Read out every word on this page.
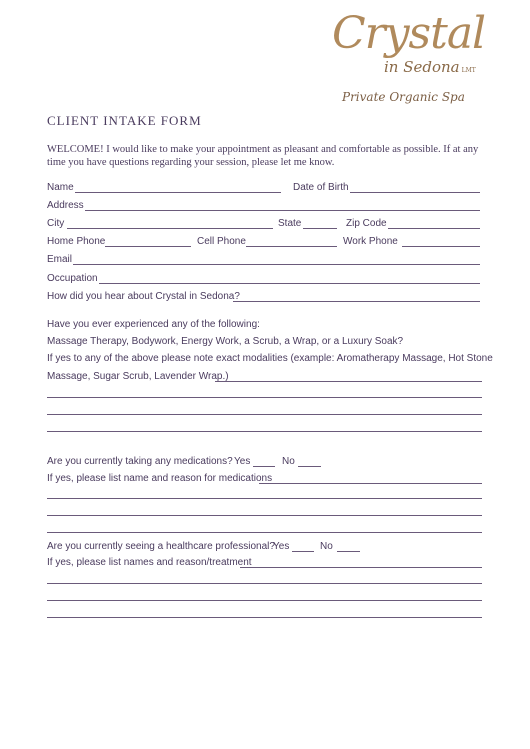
Crystal
in Sedona LMT
Private Organic Spa
CLIENT INTAKE FORM
WELCOME! I would like to make your appointment as pleasant and comfortable as possible. If at any time you have questions regarding your session, please let me know.
Name	Date of Birth
Address
City	State	Zip Code
Home Phone	Cell Phone	Work Phone
Email
Occupation
How did you hear about Crystal in Sedona?
Have you ever experienced any of the following:
Massage Therapy, Bodywork, Energy Work, a Scrub, a Wrap, or a Luxury Soak?
If yes to any of the above please note exact modalities (example: Aromatherapy Massage, Hot Stone
Massage, Sugar Scrub, Lavender Wrap.)
Are you currently taking any medications? Yes	No
If yes, please list name and reason for medications
Are you currently seeing a healthcare professional?
Yes	No
If yes, please list names and reason/treatment
